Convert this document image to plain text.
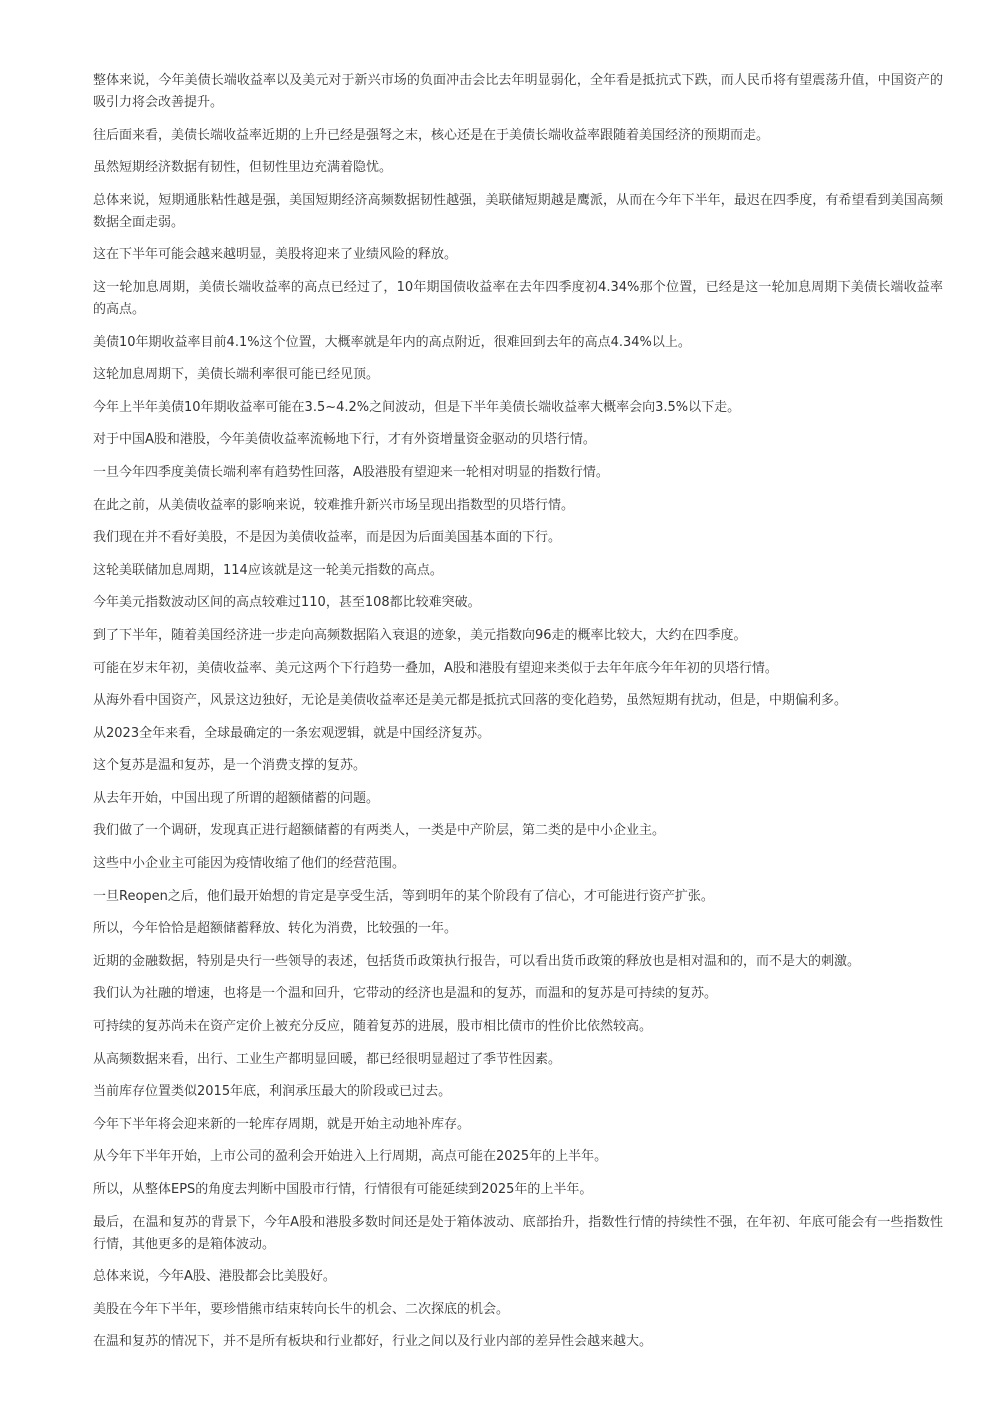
整体来说，今年美债长端收益率以及美元对于新兴市场的负面冲击会比去年明显弱化，全年看是抵抗式下跌，而人民币将有望震荡升值，中国资产的吸引力将会改善提升。

往后面来看，美债长端收益率近期的上升已经是强弩之末，核心还是在于美债长端收益率跟随着美国经济的预期而走。

虽然短期经济数据有韧性，但韧性里边充满着隐忧。

总体来说，短期通胀粘性越是强，美国短期经济高频数据韧性越强，美联储短期越是鹰派，从而在今年下半年，最迟在四季度，有希望看到美国高频数据全面走弱。

这在下半年可能会越来越明显，美股将迎来了业绩风险的释放。

这一轮加息周期，美债长端收益率的高点已经过了，10年期国债收益率在去年四季度初4.34%那个位置，已经是这一轮加息周期下美债长端收益率的高点。

美债10年期收益率目前4.1%这个位置，大概率就是年内的高点附近，很难回到去年的高点4.34%以上。

这轮加息周期下，美债长端利率很可能已经见顶。

今年上半年美债10年期收益率可能在3.5~4.2%之间波动，但是下半年美债长端收益率大概率会向3.5%以下走。

对于中国A股和港股，今年美债收益率流畅地下行，才有外资增量资金驱动的贝塔行情。

一旦今年四季度美债长端利率有趋势性回落，A股港股有望迎来一轮相对明显的指数行情。

在此之前，从美债收益率的影响来说，较难推升新兴市场呈现出指数型的贝塔行情。

我们现在并不看好美股，不是因为美债收益率，而是因为后面美国基本面的下行。

这轮美联储加息周期，114应该就是这一轮美元指数的高点。

今年美元指数波动区间的高点较难过110，甚至108都比较难突破。

到了下半年，随着美国经济进一步走向高频数据陷入衰退的迹象，美元指数向96走的概率比较大，大约在四季度。

可能在岁末年初，美债收益率、美元这两个下行趋势一叠加，A股和港股有望迎来类似于去年年底今年年初的贝塔行情。

从海外看中国资产，风景这边独好，无论是美债收益率还是美元都是抵抗式回落的变化趋势，虽然短期有扰动，但是，中期偏利多。

从2023全年来看，全球最确定的一条宏观逻辑，就是中国经济复苏。

这个复苏是温和复苏，是一个消费支撑的复苏。

从去年开始，中国出现了所谓的超额储蓄的问题。

我们做了一个调研，发现真正进行超额储蓄的有两类人，一类是中产阶层，第二类的是中小企业主。

这些中小企业主可能因为疫情收缩了他们的经营范围。

一旦Reopen之后，他们最开始想的肯定是享受生活，等到明年的某个阶段有了信心，才可能进行资产扩张。

所以，今年恰恰是超额储蓄释放、转化为消费，比较强的一年。

近期的金融数据，特别是央行一些领导的表述，包括货币政策执行报告，可以看出货币政策的释放也是相对温和的，而不是大的刺激。

我们认为社融的增速，也将是一个温和回升，它带动的经济也是温和的复苏，而温和的复苏是可持续的复苏。

可持续的复苏尚未在资产定价上被充分反应，随着复苏的进展，股市相比债市的性价比依然较高。

从高频数据来看，出行、工业生产都明显回暖，都已经很明显超过了季节性因素。

当前库存位置类似2015年底，利润承压最大的阶段或已过去。

今年下半年将会迎来新的一轮库存周期，就是开始主动地补库存。

从今年下半年开始，上市公司的盈利会开始进入上行周期，高点可能在2025年的上半年。

所以，从整体EPS的角度去判断中国股市行情，行情很有可能延续到2025年的上半年。

最后，在温和复苏的背景下，今年A股和港股多数时间还是处于箱体波动、底部抬升，指数性行情的持续性不强，在年初、年底可能会有一些指数性行情，其他更多的是箱体波动。

总体来说，今年A股、港股都会比美股好。

美股在今年下半年，要珍惜熊市结束转向长牛的机会、二次探底的机会。

在温和复苏的情况下，并不是所有板块和行业都好，行业之间以及行业内部的差异性会越来越大。
